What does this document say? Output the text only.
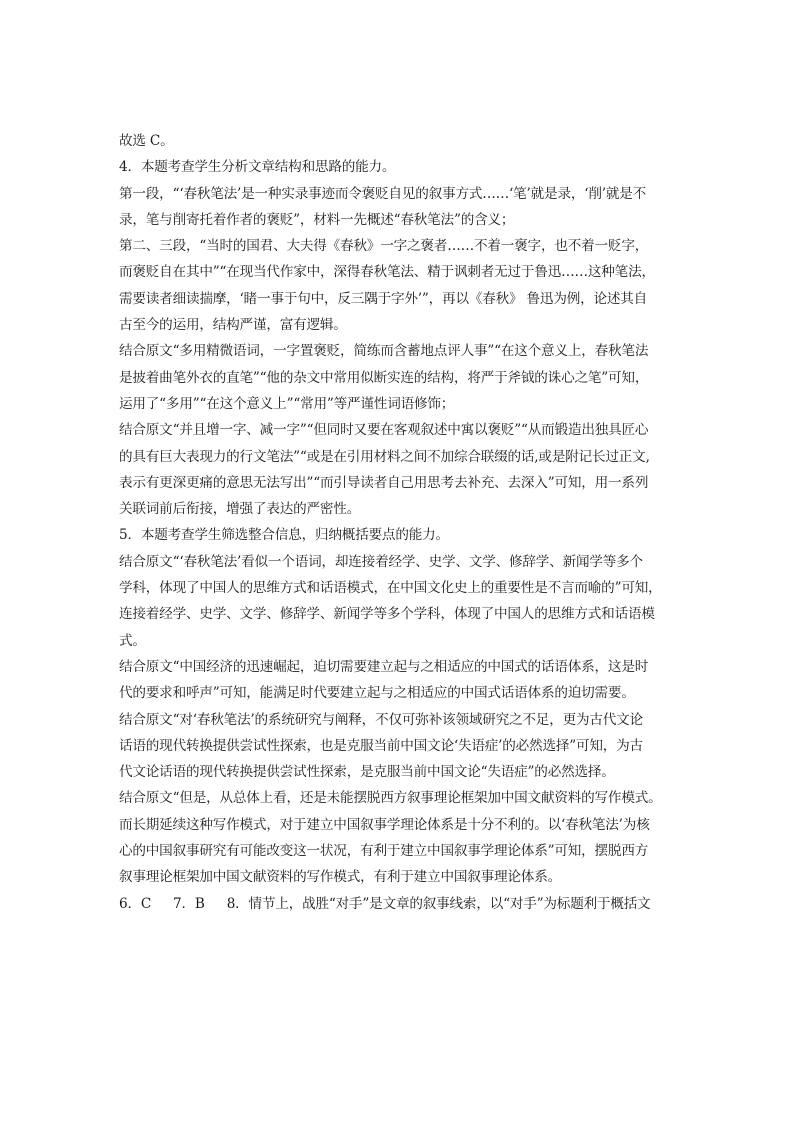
故选 C。
4．本题考查学生分析文章结构和思路的能力。
第一段，“‘春秋笔法’是一种实录事迹而令褒贬自见的叙事方式……‘笔’就是录，‘削’就是不
录，笔与削寄托着作者的褒贬”，材料一先概述“春秋笔法”的含义；
第二、三段，“当时的国君、大夫得《春秋》一字之褒者……不着一褒字，也不着一贬字，
而褒贬自在其中”“在现当代作家中，深得春秋笔法、精于讽刺者无过于鲁迅……这种笔法，
需要读者细读揣摩，‘睹一事于句中，反三隅于字外’”，再以《春秋》 鲁迅为例，论述其自
古至今的运用，结构严谨，富有逻辑。
结合原文“多用精微语词，一字置褒贬，简练而含蓄地点评人事”“在这个意义上，春秋笔法
是披着曲笔外衣的直笔”“他的杂文中常用似断实连的结构，将严于斧钺的诛心之笔”可知，
运用了“多用”“在这个意义上”“常用”等严谨性词语修饰；
结合原文“并且增一字、减一字”“但同时又要在客观叙述中寓以褒贬”“从而锻造出独具匠心
的具有巨大表现力的行文笔法”“或是在引用材料之间不加综合联缀的话,或是附记长过正文,
表示有更深更痛的意思无法写出”“而引导读者自己用思考去补充、去深入”可知，用一系列
关联词前后衔接，增强了表达的严密性。
5．本题考查学生筛选整合信息，归纳概括要点的能力。
结合原文“‘春秋笔法’看似一个语词，却连接着经学、史学、文学、修辞学、新闻学等多个
学科，体现了中国人的思维方式和话语模式，在中国文化史上的重要性是不言而喻的”可知，
连接着经学、史学、文学、修辞学、新闻学等多个学科，体现了中国人的思维方式和话语模
式。
结合原文“中国经济的迅速崛起，迫切需要建立起与之相适应的中国式的话语体系，这是时
代的要求和呼声”可知，能满足时代要建立起与之相适应的中国式话语体系的迫切需要。
结合原文“对‘春秋笔法’的系统研究与阐释，不仅可弥补该领域研究之不足，更为古代文论
话语的现代转换提供尝试性探索，也是克服当前中国文论‘失语症’的必然选择”可知，为古
代文论话语的现代转换提供尝试性探索，是克服当前中国文论“失语症”的必然选择。
结合原文“但是，从总体上看，还是未能摆脱西方叙事理论框架加中国文献资料的写作模式。
而长期延续这种写作模式，对于建立中国叙事学理论体系是十分不利的。以‘春秋笔法’为核
心的中国叙事研究有可能改变这一状况，有利于建立中国叙事学理论体系”可知，摆脱西方
叙事理论框架加中国文献资料的写作模式，有利于建立中国叙事理论体系。
6．C 7．B 8．情节上，战胜“对手”是文章的叙事线索，以“对手”为标题利于概括文
